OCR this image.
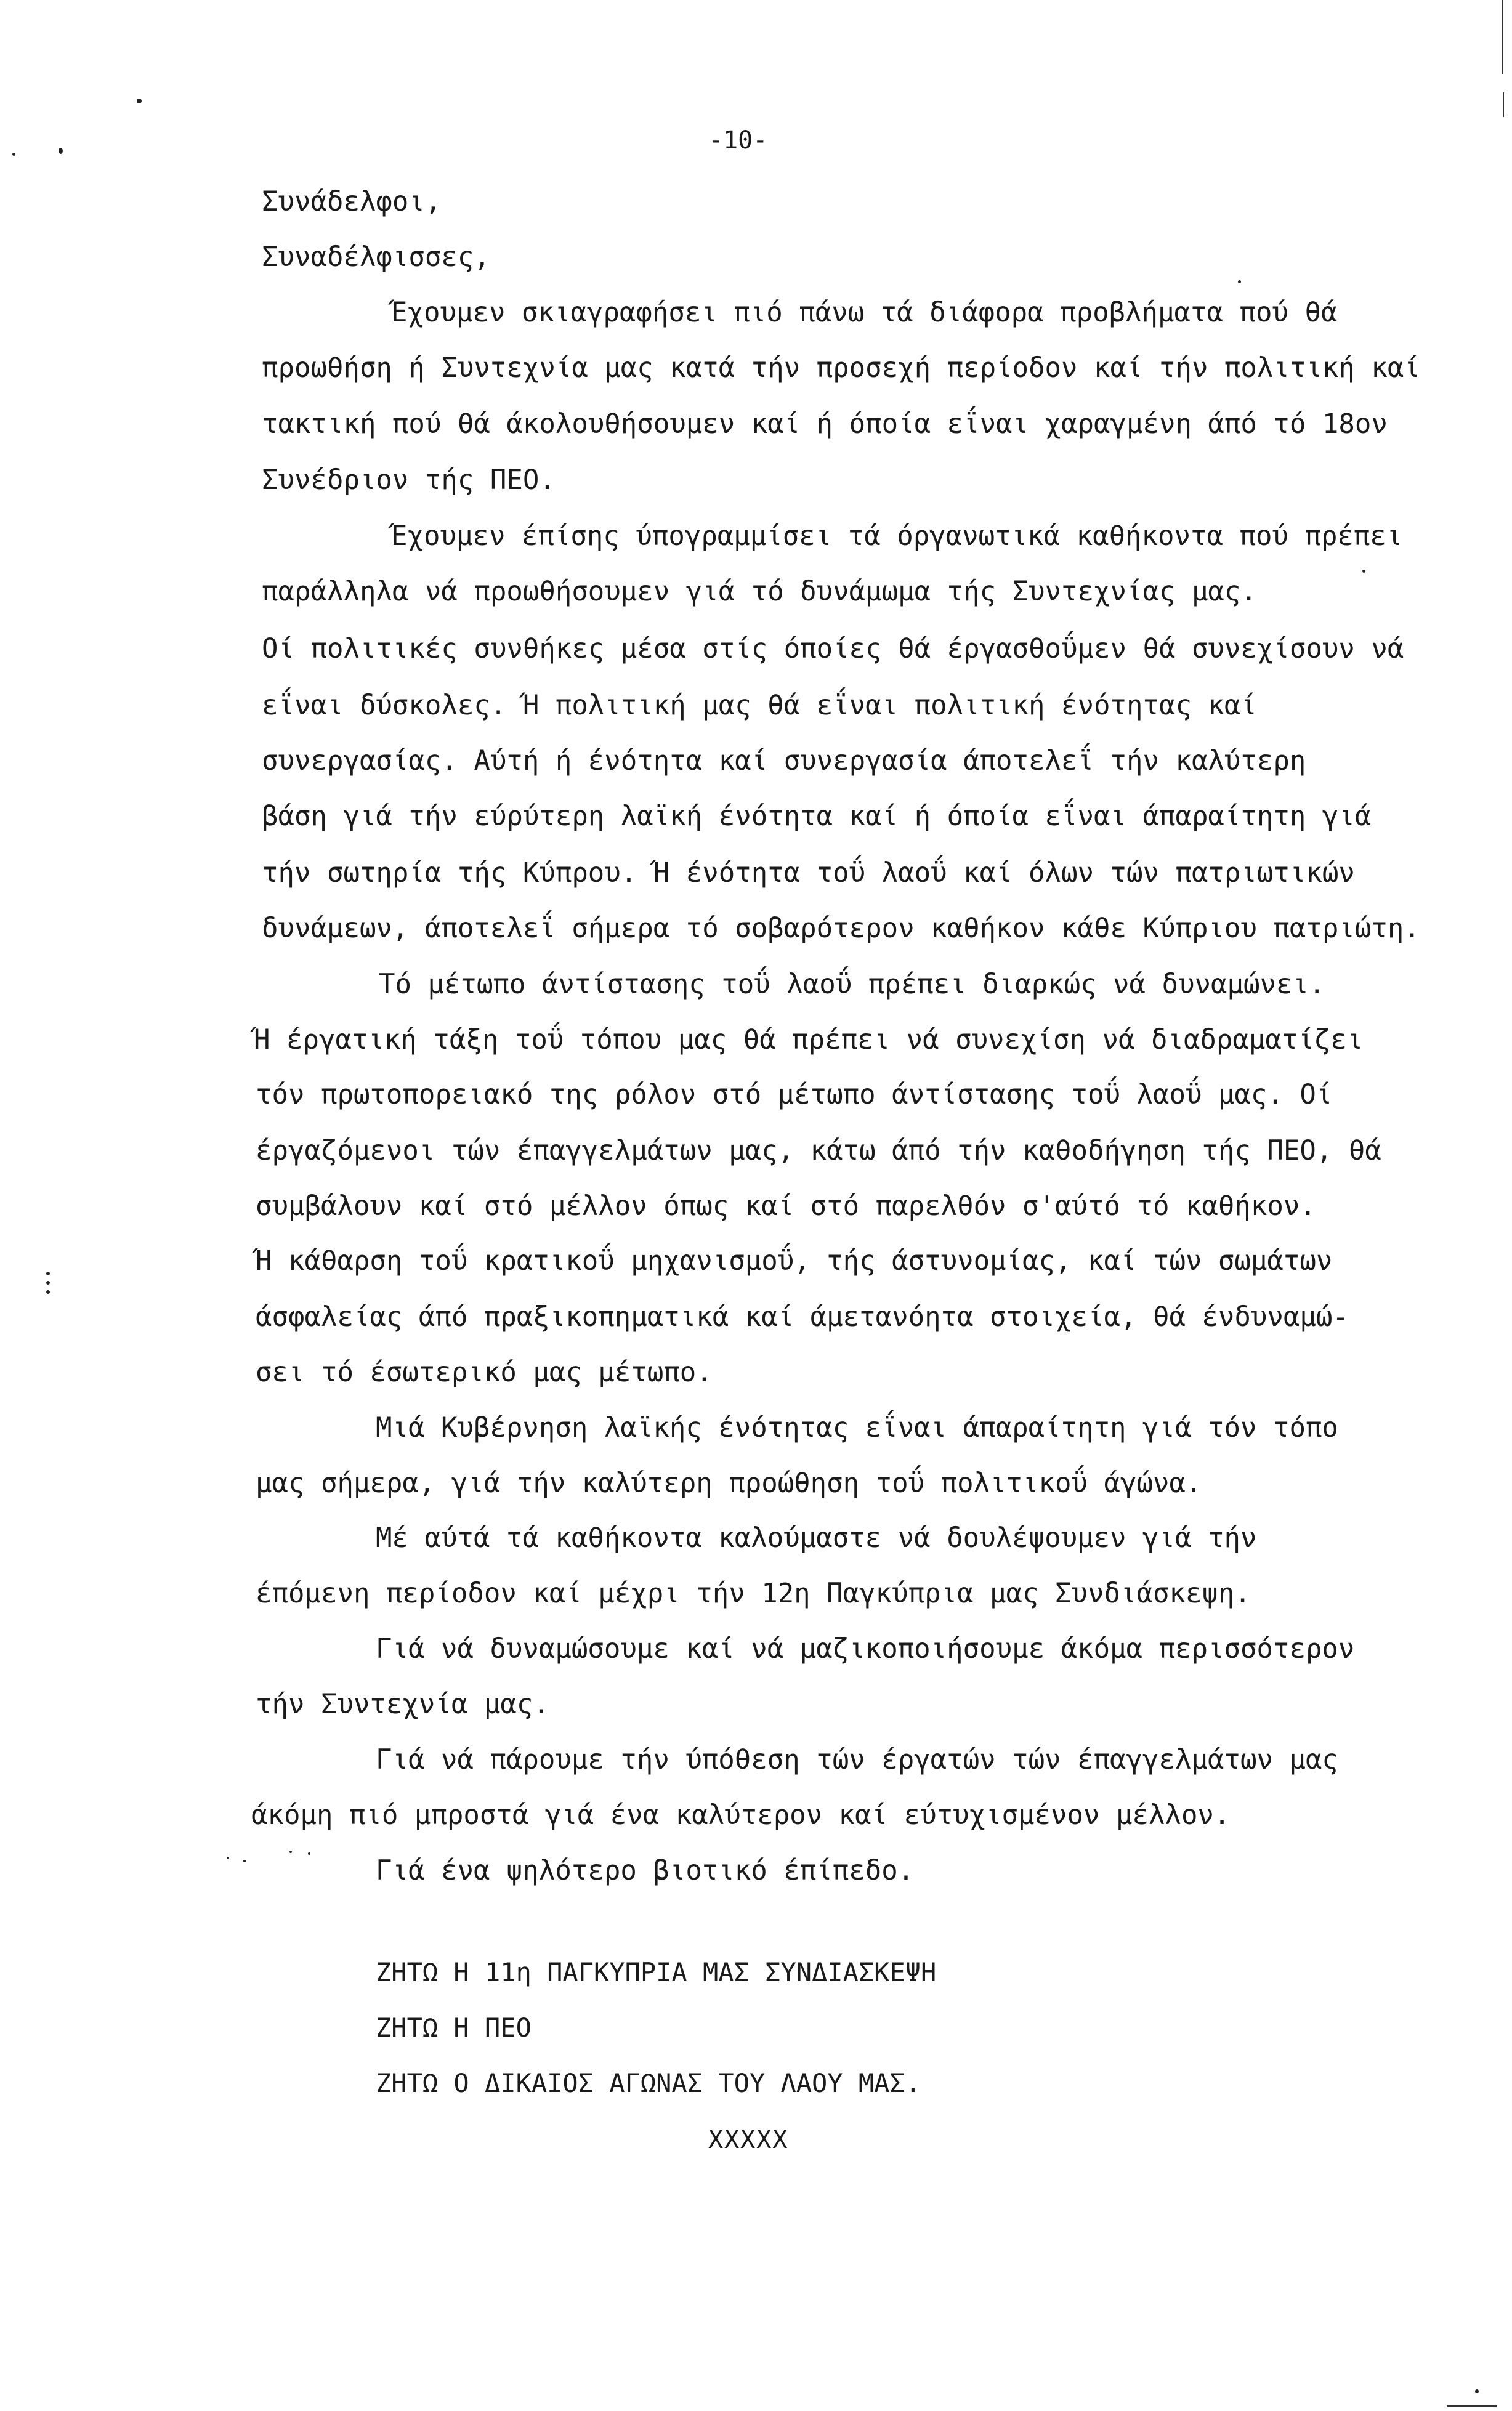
-10-
Συνάδελφοι,
Συναδέλφισσες,
Έχουμεν σκιαγραφήσει πιό πάνω τά διάφορα προβλήματα πού θά
προωθήση ή Συντεχνία μας κατά τήν προσεχή περίοδον καί τήν πολιτική καί
τακτική πού θά άκολουθήσουμεν καί ή όποία εΐναι χαραγμένη άπό τό 18ον
Συνέδριον τής ΠΕΟ.
Έχουμεν έπίσης ύπογραμμίσει τά όργανωτικά καθήκοντα πού πρέπει
παράλληλα νά προωθήσουμεν γιά τό δυνάμωμα τής Συντεχνίας μας.
Οί πολιτικές συνθήκες μέσα στίς όποίες θά έργασθοΰμεν θά συνεχίσουν νά
εΐναι δύσκολες. Ή πολιτική μας θά εΐναι πολιτική ένότητας καί
συνεργασίας. Αύτή ή ένότητα καί συνεργασία άποτελεΐ τήν καλύτερη
βάση γιά τήν εύρύτερη λαϊκή ένότητα καί ή όποία εΐναι άπαραίτητη γιά
τήν σωτηρία τής Κύπρου. Ή ένότητα τοΰ λαοΰ καί όλων τών πατριωτικών
δυνάμεων, άποτελεΐ σήμερα τό σοβαρότερον καθήκον κάθε Κύπριου πατριώτη.
Τό μέτωπο άντίστασης τοΰ λαοΰ πρέπει διαρκώς νά δυναμώνει.
Ή έργατική τάξη τοΰ τόπου μας θά πρέπει νά συνεχίση νά διαδραματίζει
τόν πρωτοπορειακό της ρόλον στό μέτωπο άντίστασης τοΰ λαοΰ μας. Οί
έργαζόμενοι τών έπαγγελμάτων μας, κάτω άπό τήν καθοδήγηση τής ΠΕΟ, θά
συμβάλουν καί στό μέλλον όπως καί στό παρελθόν σ'αύτό τό καθήκον.
Ή κάθαρση τοΰ κρατικοΰ μηχανισμοΰ, τής άστυνομίας, καί τών σωμάτων
άσφαλείας άπό πραξικοπηματικά καί άμετανόητα στοιχεία, θά ένδυναμώ-
σει τό έσωτερικό μας μέτωπο.
Μιά Κυβέρνηση λαϊκής ένότητας εΐναι άπαραίτητη γιά τόν τόπο
μας σήμερα, γιά τήν καλύτερη προώθηση τοΰ πολιτικοΰ άγώνα.
Μέ αύτά τά καθήκοντα καλούμαστε νά δουλέψουμεν γιά τήν
έπόμενη περίοδον καί μέχρι τήν 12η Παγκύπρια μας Συνδιάσκεψη.
Γιά νά δυναμώσουμε καί νά μαζικοποιήσουμε άκόμα περισσότερον
τήν Συντεχνία μας.
Γιά νά πάρουμε τήν ύπόθεση τών έργατών τών έπαγγελμάτων μας
άκόμη πιό μπροστά γιά ένα καλύτερον καί εύτυχισμένον μέλλον.
Γιά ένα ψηλότερο βιοτικό έπίπεδο.
ΖΗΤΩ Η 11η ΠΑΓΚΥΠΡΙΑ ΜΑΣ ΣΥΝΔΙΑΣΚΕΨΗ
ΖΗΤΩ Η ΠΕΟ
ΖΗΤΩ Ο ΔΙΚΑΙΟΣ ΑΓΩΝΑΣ ΤΟΥ ΛΑΟΥ ΜΑΣ.
XXXXX
